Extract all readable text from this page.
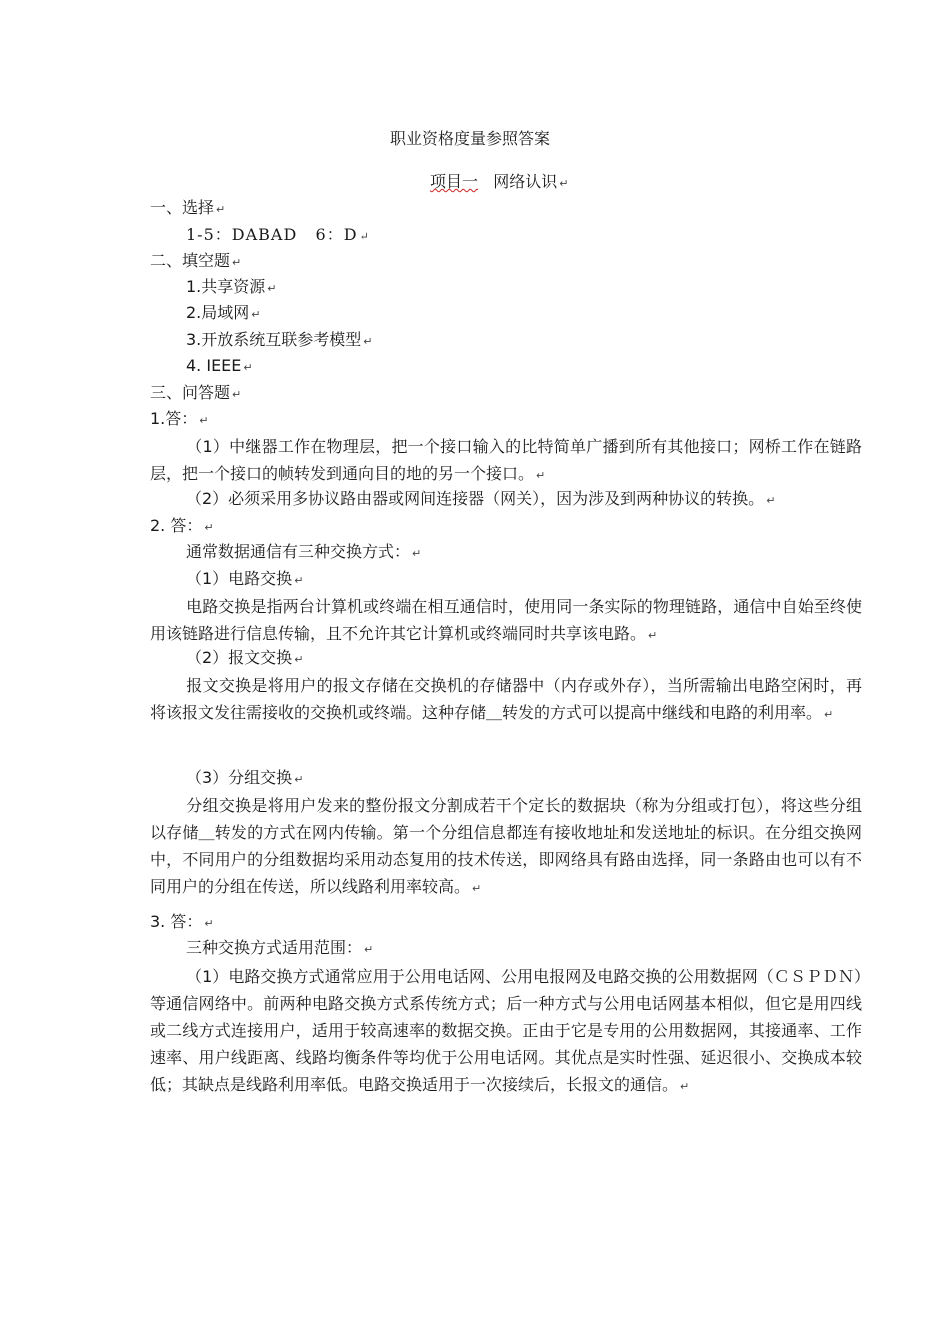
职业资格度量参照答案
项目一 网络认识 ↵
一、选择 ↵
1-5：DABAD   6：D ↵
二、填空题 ↵
1.共享资源 ↵
2.局域网 ↵
3.开放系统互联参考模型 ↵
4. IEEE ↵
三、问答题 ↵
1.答： ↵
（1）中继器工作在物理层，把一个接口输入的比特简单广播到所有其他接口；网桥工作在链路层，把一个接口的帧转发到通向目的地的另一个接口。 ↵
（2）必须采用多协议路由器或网间连接器（网关），因为涉及到两种协议的转换。 ↵
2. 答： ↵
通常数据通信有三种交换方式： ↵
（1）电路交换 ↵
电路交换是指两台计算机或终端在相互通信时，使用同一条实际的物理链路，通信中自始至终使用该链路进行信息传输，且不允许其它计算机或终端同时共享该电路。 ↵
（2）报文交换 ↵
报文交换是将用户的报文存储在交换机的存储器中（内存或外存），当所需输出电路空闲时，再将该报文发往需接收的交换机或终端。这种存储＿转发的方式可以提高中继线和电路的利用率。 ↵
（3）分组交换 ↵
分组交换是将用户发来的整份报文分割成若干个定长的数据块（称为分组或打包），将这些分组以存储＿转发的方式在网内传输。第一个分组信息都连有接收地址和发送地址的标识。在分组交换网中，不同用户的分组数据均采用动态复用的技术传送，即网络具有路由选择，同一条路由也可以有不同用户的分组在传送，所以线路利用率较高。 ↵
3. 答： ↵
三种交换方式适用范围： ↵
（1）电路交换方式通常应用于公用电话网、公用电报网及电路交换的公用数据网（ＣＳＰＤＮ）等通信网络中。前两种电路交换方式系传统方式；后一种方式与公用电话网基本相似，但它是用四线或二线方式连接用户，适用于较高速率的数据交换。正由于它是专用的公用数据网，其接通率、工作速率、用户线距离、线路均衡条件等均优于公用电话网。其优点是实时性强、延迟很小、交换成本较低；其缺点是线路利用率低。电路交换适用于一次接续后，长报文的通信。 ↵
